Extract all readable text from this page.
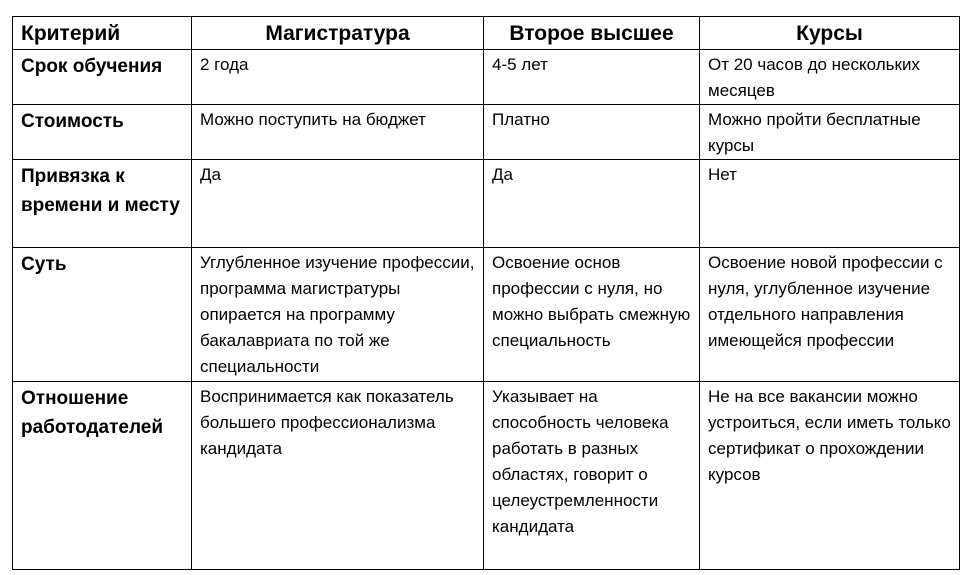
Критерий	Магистратура	Второе высшее	Курсы
Срок обучения	2 года	4-5 лет	От 20 часов до нескольких месяцев
Стоимость	Можно поступить на бюджет	Платно	Можно пройти бесплатные курсы
Привязка к времени и месту	Да	Да	Нет
Суть	Углубленное изучение профессии, программа магистратуры опирается на программу бакалавриата по той же специальности	Освоение основ профессии с нуля, но можно выбрать смежную специальность	Освоение новой профессии с нуля, углубленное изучение отдельного направления имеющейся профессии
Отношение работодателей	Воспринимается как показатель большего профессионализма кандидата	Указывает на способность человека работать в разных областях, говорит о целеустремленности кандидата	Не на все вакансии можно устроиться, если иметь только сертификат о прохождении курсов
